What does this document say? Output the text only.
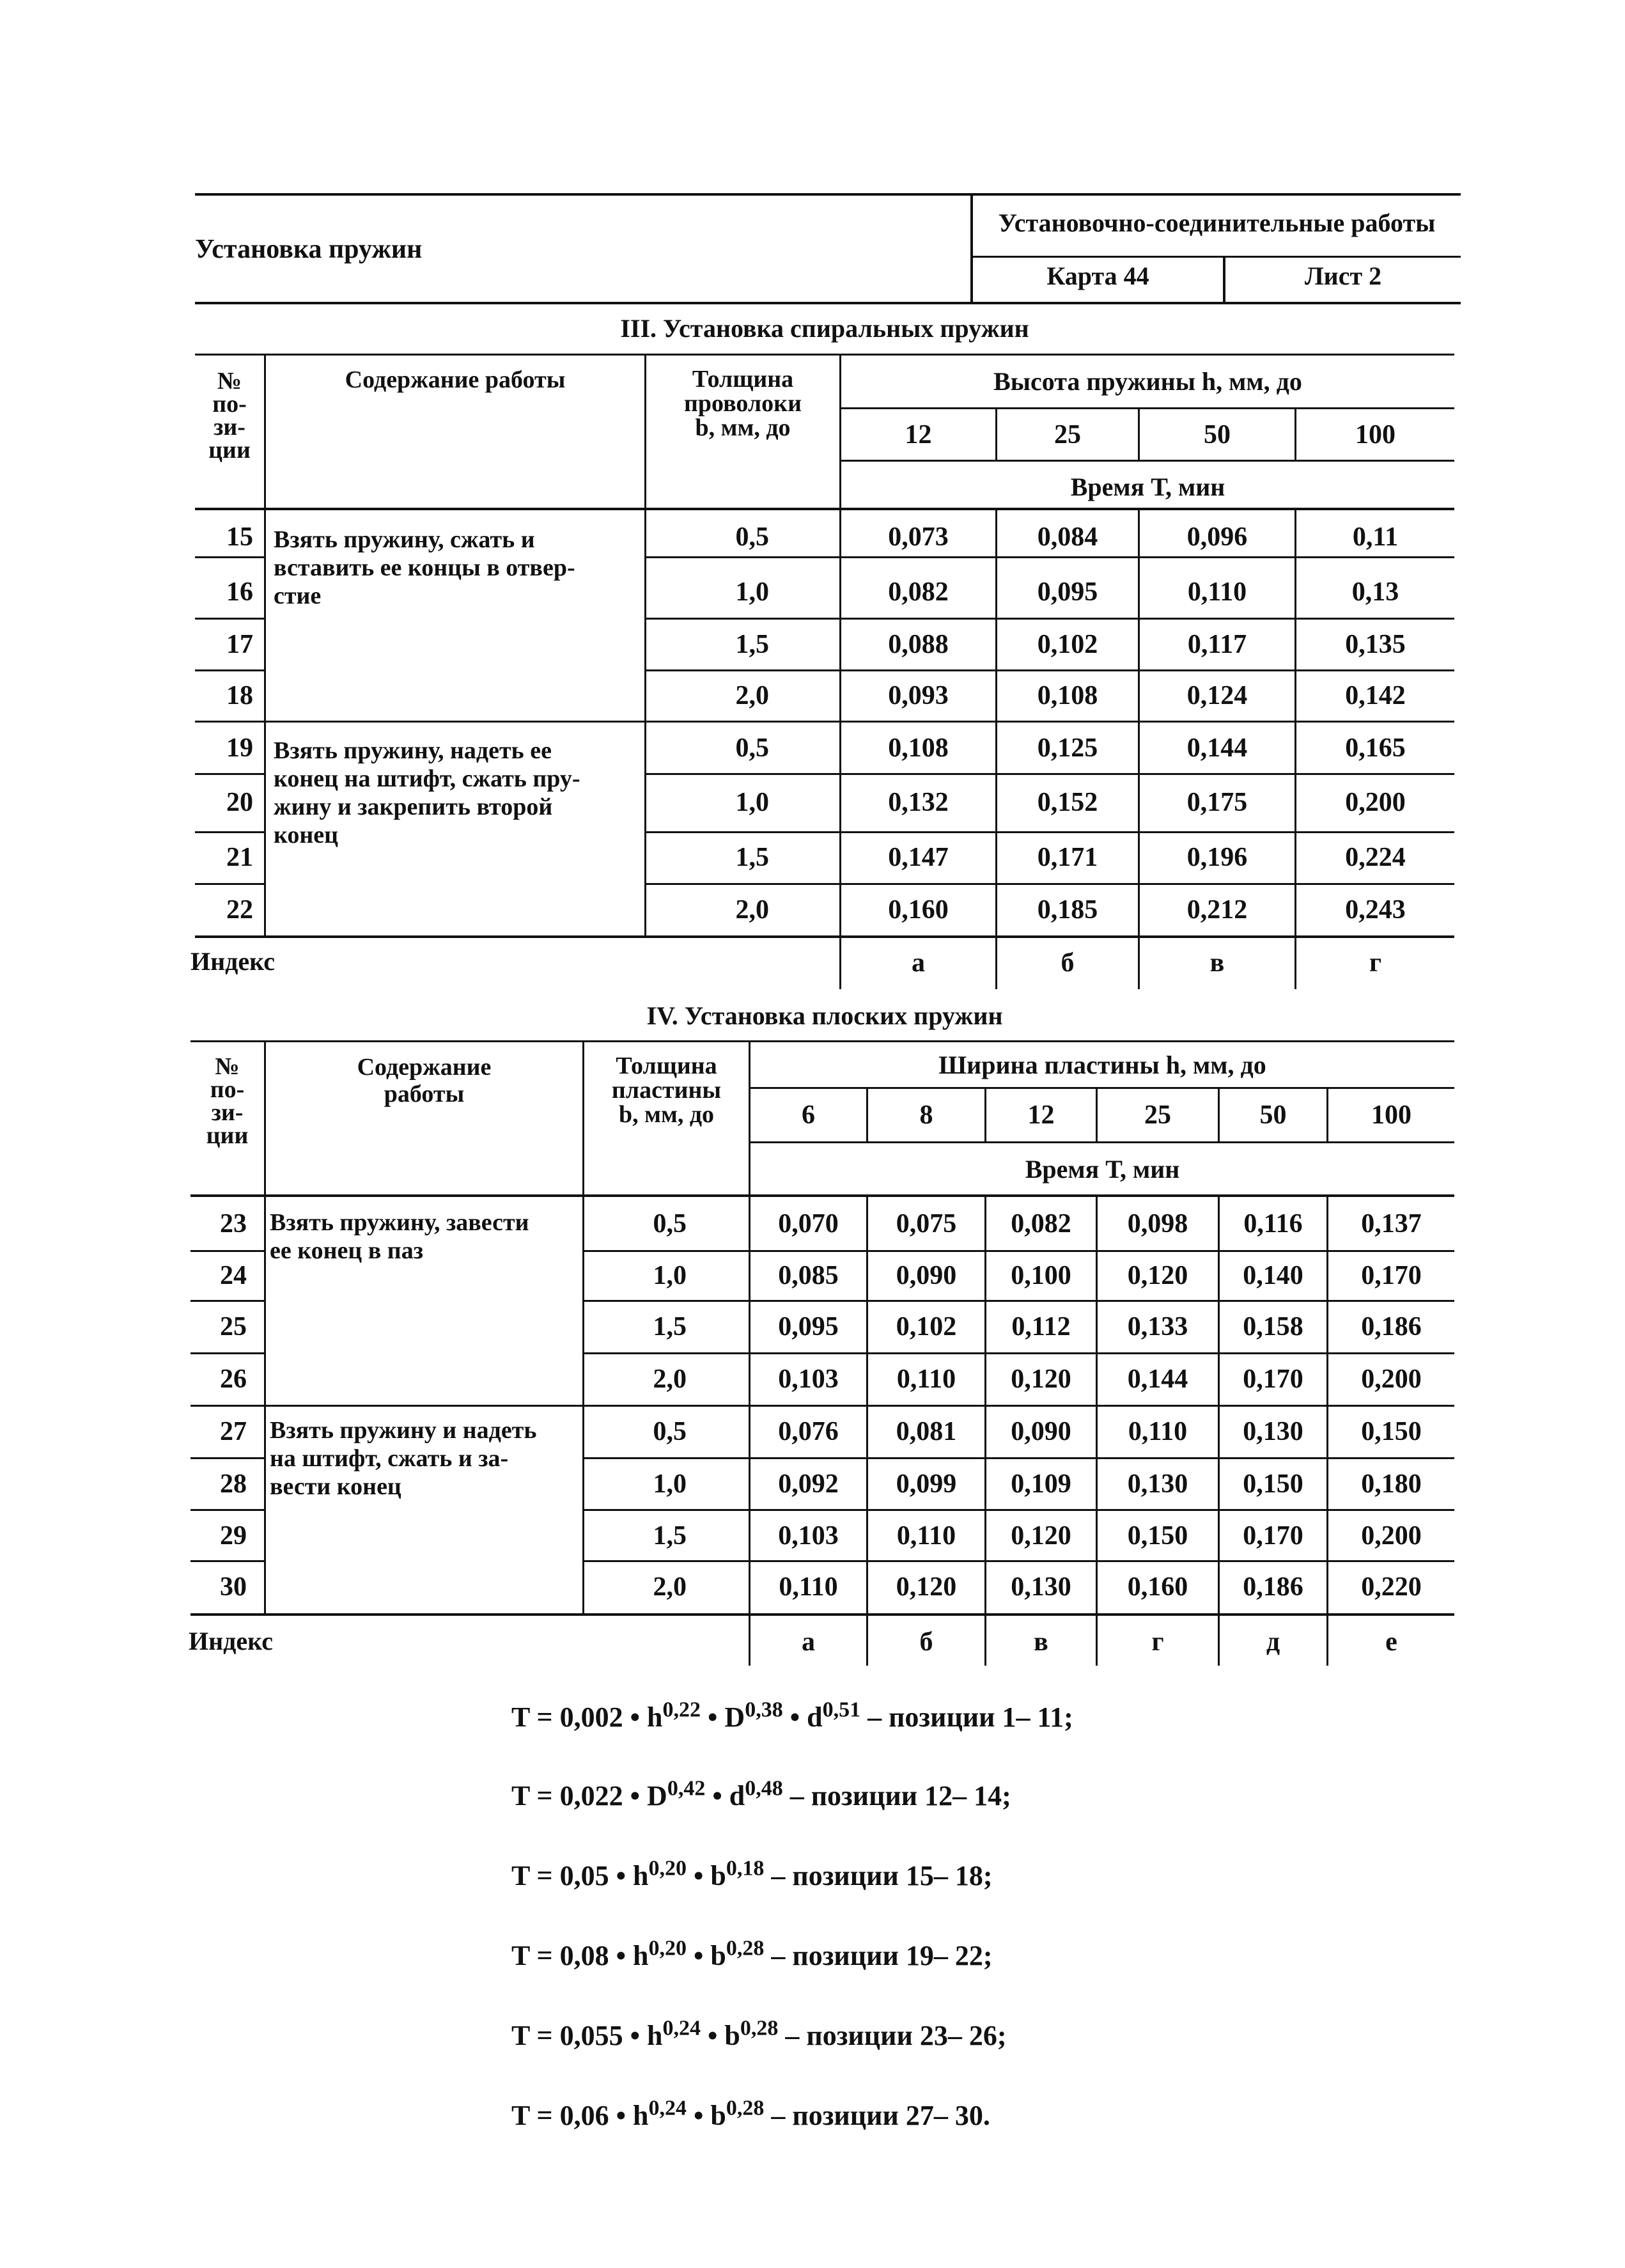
Установка пружин
Установочно-соединительные работы
Карта 44	Лист 2
III. Установка спиральных пружин
№
по-
зи-
ции
Содержание работы	Толщина
проволоки
b, мм, до
Высота пружины h, мм, до
12	25	50	100
Время Т, мин
Взять пружину, сжать и
вставить ее концы в отвер-
стие
Взять пружину, надеть ее
конец на штифт, сжать пру-
жину и закрепить второй
конец
15	0,5	0,073	0,084	0,096	0,11
16	1,0	0,082	0,095	0,110	0,13
17	1,5	0,088	0,102	0,117	0,135
18	2,0	0,093	0,108	0,124	0,142
19	0,5	0,108	0,125	0,144	0,165
20	1,0	0,132	0,152	0,175	0,200
21	1,5	0,147	0,171	0,196	0,224
22	2,0	0,160	0,185	0,212	0,243
Индекс	а	б	в	г
IV. Установка плоских пружин
№
по-
зи-
ции
Содержание
работы
Толщина
пластины
b, мм, до
Ширина пластины h, мм, до
6	8	12	25	50	100
Время Т, мин
Взять пружину, завести
ее конец в паз
Взять пружину и надеть
на штифт, сжать и за-
вести конец
23	0,5	0,070	0,075	0,082	0,098	0,116	0,137
24	1,0	0,085	0,090	0,100	0,120	0,140	0,170
25	1,5	0,095	0,102	0,112	0,133	0,158	0,186
26	2,0	0,103	0,110	0,120	0,144	0,170	0,200
27	0,5	0,076	0,081	0,090	0,110	0,130	0,150
28	1,0	0,092	0,099	0,109	0,130	0,150	0,180
29	1,5	0,103	0,110	0,120	0,150	0,170	0,200
30	2,0	0,110	0,120	0,130	0,160	0,186	0,220
Индекс	а	б	в	г	д	е
T = 0,002 • $h^{0,22}$ • D$^{0,38}$ • $d^{0,51}$ – позиции 1– 11;
T = 0,022 • D$^{0,42}$ • $d^{0,48}$ – позиции 12– 14;
T = 0,05 • $h^{0,20}$ • $b^{0,18}$ – позиции 15– 18;
T = 0,08 • $h^{0,20}$ • $b^{0,28}$ – позиции 19– 22;
T = 0,055 • $h^{0,24}$ • $b^{0,28}$ – позиции 23– 26;
T = 0,06 • $h^{0,24}$ • $b^{0,28}$ – позиции 27– 30.
